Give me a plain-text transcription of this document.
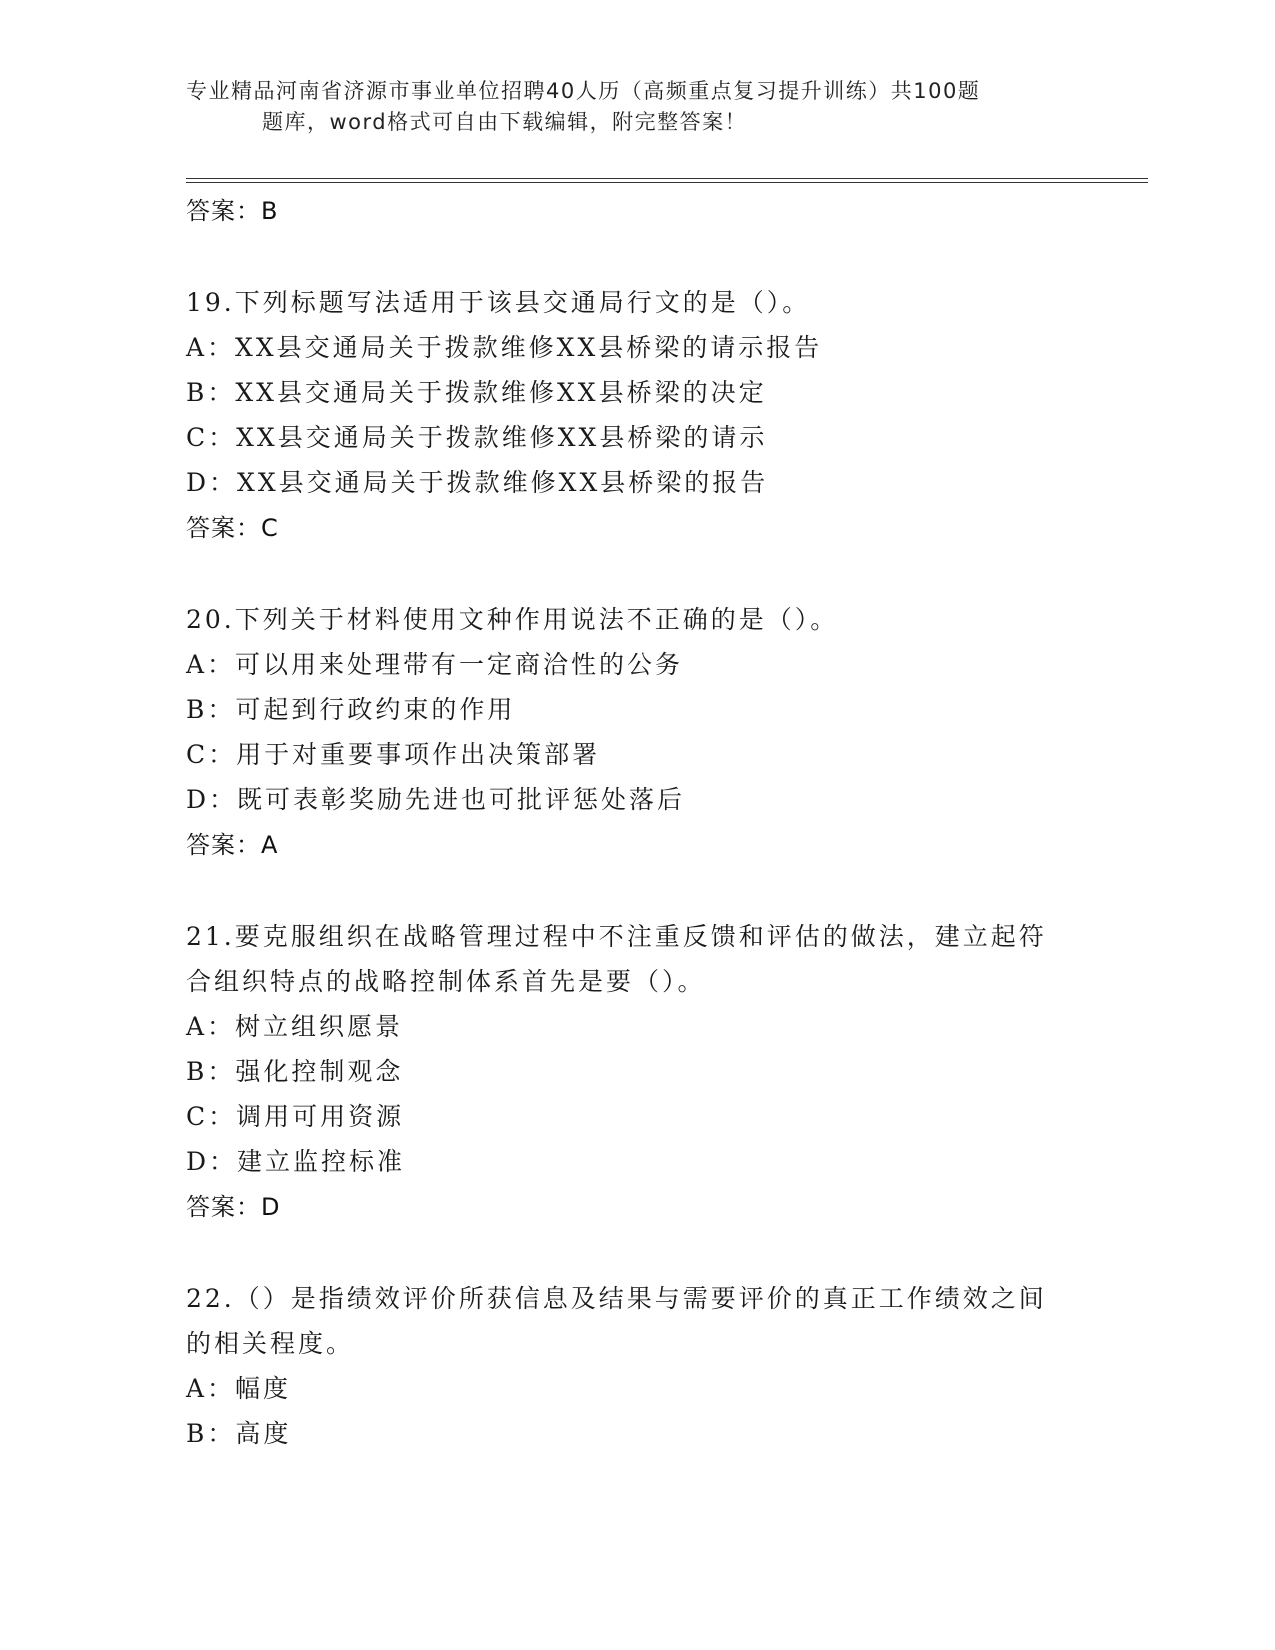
专业精品河南省济源市事业单位招聘40人历（高频重点复习提升训练）共100题
题库，word格式可自由下载编辑，附完整答案！
答案：B
19.下列标题写法适用于该县交通局行文的是（）。
A：XX县交通局关于拨款维修XX县桥梁的请示报告
B：XX县交通局关于拨款维修XX县桥梁的决定
C：XX县交通局关于拨款维修XX县桥梁的请示
D：XX县交通局关于拨款维修XX县桥梁的报告
答案：C
20.下列关于材料使用文种作用说法不正确的是（）。
A：可以用来处理带有一定商洽性的公务
B：可起到行政约束的作用
C：用于对重要事项作出决策部署
D：既可表彰奖励先进也可批评惩处落后
答案：A
21.要克服组织在战略管理过程中不注重反馈和评估的做法，建立起符
合组织特点的战略控制体系首先是要（）。
A：树立组织愿景
B：强化控制观念
C：调用可用资源
D：建立监控标准
答案：D
22.（）是指绩效评价所获信息及结果与需要评价的真正工作绩效之间
的相关程度。
A：幅度
B：高度
